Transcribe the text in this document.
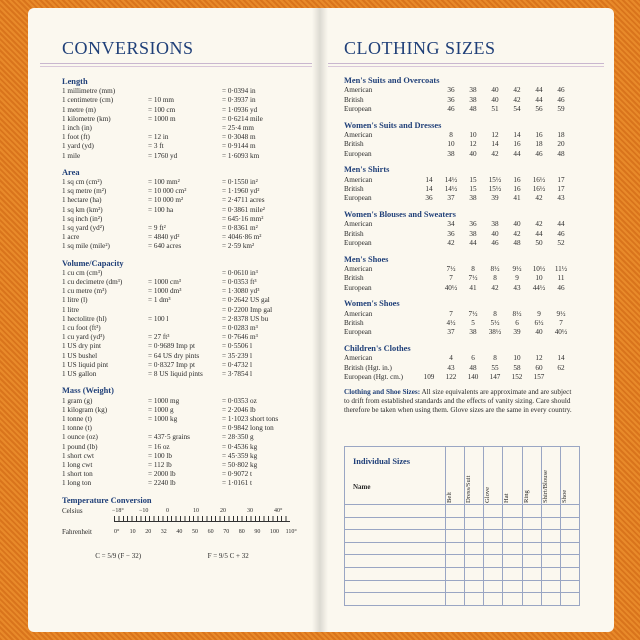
CONVERSIONS	CLOTHING SIZES
Length
1 millimetre (mm)	= 0·0394 in
1 centimetre (cm)	= 10 mm	= 0·3937 in
1 metre (m)	= 100 cm	= 1·0936 yd
1 kilometre (km)	= 1000 m	= 0·6214 mile
1 inch (in)	= 25·4 mm
1 foot (ft)	= 12 in	= 0·3048 m
1 yard (yd)	= 3 ft	= 0·9144 m
1 mile	= 1760 yd	= 1·6093 km
Area
1 sq cm (cm²)	= 100 mm²	= 0·1550 in²
1 sq metre (m²)	= 10 000 cm²	= 1·1960 yd²
1 hectare (ha)	= 10 000 m²	= 2·4711 acres
1 sq km (km²)	= 100 ha	= 0·3861 mile²
1 sq inch (in²)	= 645·16 mm²
1 sq yard (yd²)	= 9 ft²	= 0·8361 m²
1 acre	= 4840 yd²	= 4046·86 m²
1 sq mile (mile²)	= 640 acres	= 2·59 km²
Volume/Capacity
1 cu cm (cm³)	= 0·0610 in³
1 cu decimetre (dm³)	= 1000 cm³	= 0·0353 ft³
1 cu metre (m³)	= 1000 dm³	= 1·3080 yd³
1 litre (l)	= 1 dm³	= 0·2642 US gal
1 litre	= 0·2200 Imp gal
1 hectolitre (hl)	= 100 l	= 2·8378 US bu
1 cu foot (ft³)	= 0·0283 m³
1 cu yard (yd³)	= 27 ft³	= 0·7646 m³
1 US dry pint	= 0·9689 Imp pt	= 0·5506 l
1 US bushel	= 64 US dry pints	= 35·239 l
1 US liquid pint	= 0·8327 Imp pt	= 0·4732 l
1 US gallon	= 8 US liquid pints	= 3·7854 l
Mass (Weight)
1 gram (g)	= 1000 mg	= 0·0353 oz
1 kilogram (kg)	= 1000 g	= 2·2046 lb
1 tonne (t)	= 1000 kg	= 1·1023 short tons
1 tonne (t)	= 0·9842 long ton
1 ounce (oz)	= 437·5 grains	= 28·350 g
1 pound (lb)	= 16 oz	= 0·4536 kg
1 short cwt	= 100 lb	= 45·359 kg
1 long cwt	= 112 lb	= 50·802 kg
1 short ton	= 2000 lb	= 0·9072 t
1 long ton	= 2240 lb	= 1·0161 t
Temperature Conversion
Celsius
Fahrenheit
−18°	−10	0	10	20	30	40°
0° 10 20 32 40 50 60 70 80 90 100 110°
C = 5/9 (F − 32)	F = 9/5 C + 32
Men's Suits and Overcoats
American	36	38	40	42	44	46
British	36	38	40	42	44	46
European	46	48	51	54	56	59
Women's Suits and Dresses
American	8	10	12	14	16	18
British	10	12	14	16	18	20
European	38	40	42	44	46	48
Men's Shirts
American	14	14½	15	15½	16	16½	17
British	14	14½	15	15½	16	16½	17
European	36	37	38	39	41	42	43
Women's Blouses and Sweaters
American	34	36	38	40	42	44
British	36	38	40	42	44	46
European	42	44	46	48	50	52
Men's Shoes
American	7½	8	8½	9½	10½	11½
British	7	7½	8	9	10	11
European	40½	41	42	43	44½	46
Women's Shoes
American	7	7½	8	8½	9	9½
British	4½	5	5½	6	6½	7
European	37	38	38½	39	40	40½
Children's Clothes
American	4	6	8	10	12	14
British (Hgt. in.)	43	48	55	58	60	62
European (Hgt. cm.)	109	122	140	147	152	157
Clothing and Shoe Sizes: All size equivalents are approximate and are subject to drift from established standards and the effects of vanity sizing. Care should therefore be taken when using them. Glove sizes are the same in every country.
Individual Sizes
Name	Belt	Dress/Suit	Glove	Hat	Ring	Shirt/Blouse	Shoe
